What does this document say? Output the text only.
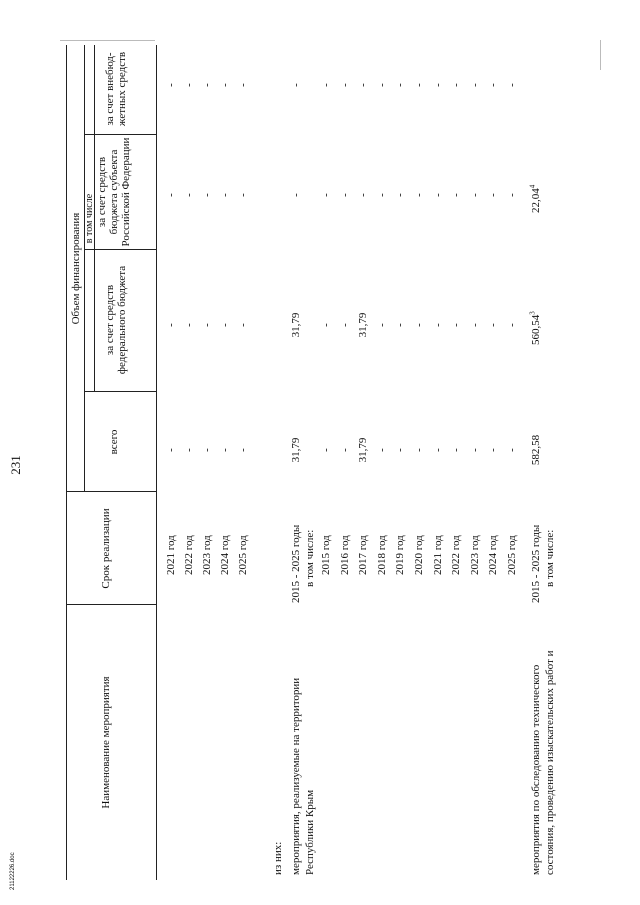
231
Наименование мероприятия
Срок реализации
Объем финансирования
всего
в том числе
за счет средств федерального бюджета
за счет средств бюджета субъекта Российской Федерации
за счет внебюд-жетных средств
2021 год
-
-
-
-
2022 год
-
-
-
-
2023 год
-
-
-
-
2024 год
-
-
-
-
2025 год
-
-
-
-
2015 - 2025 годы в том числе:
31,79
31,79
-
-
2015 год
-
-
-
-
2016 год
-
-
-
-
2017 год
31,79
31,79
-
-
2018 год
-
-
-
-
2019 год
-
-
-
-
2020 год
-
-
-
-
2021 год
-
-
-
-
2022 год
-
-
-
-
2023 год
-
-
-
-
2024 год
-
-
-
-
2025 год
-
-
-
-
из них: мероприятия, реализуемые на территории Республики Крым	мероприятия по обследованию технического состояния, проведению изыскательских работ и
2015 - 2025 годы в том числе:
582,58
560,54$^3$
22,04$^4$
21122226.doc
